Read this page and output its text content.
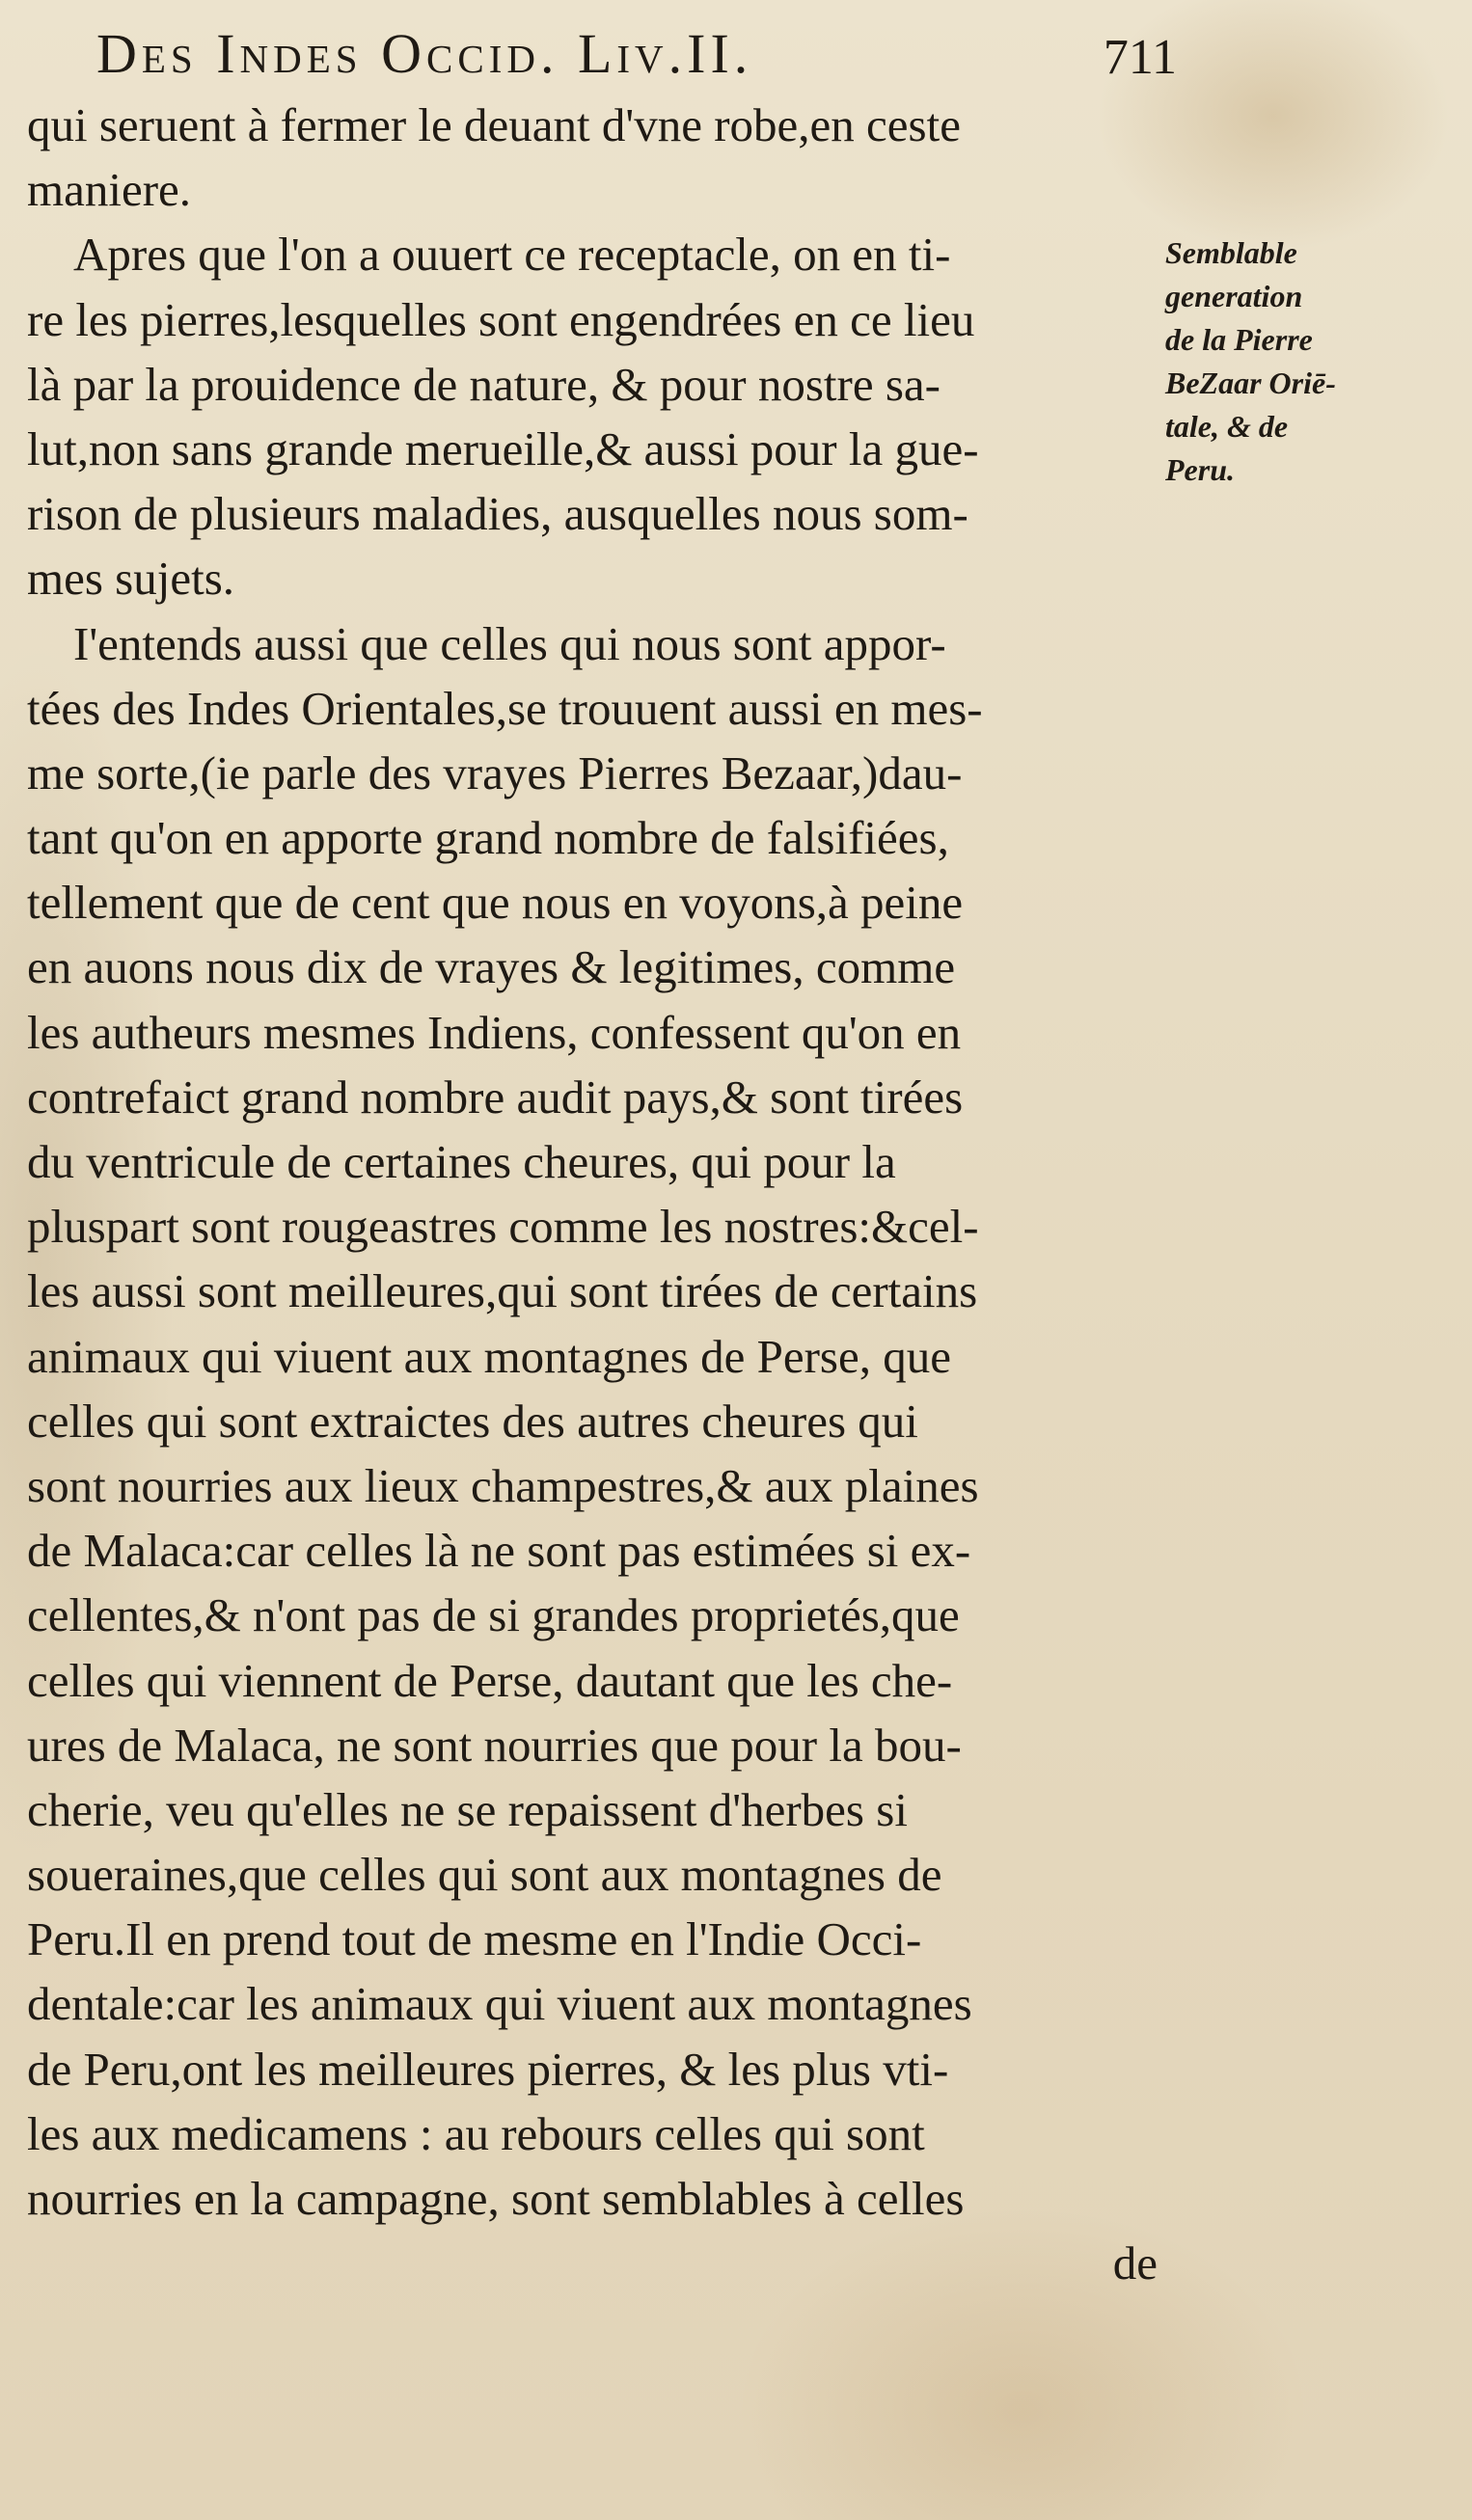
Des Indes Occid. Liv.II.	711
qui seruent à fermer le deuant d'vne robe,en ceste
maniere.
Apres que l'on a ouuert ce receptacle, on en ti-
re les pierres,lesquelles sont engendrées en ce lieu
là par la prouidence de nature, & pour nostre sa-
lut,non sans grande merueille,& aussi pour la gue-
rison de plusieurs maladies, ausquelles nous som-
mes sujets.
I'entends aussi que celles qui nous sont appor-
tées des Indes Orientales,se trouuent aussi en mes-
me sorte,(ie parle des vrayes Pierres Bezaar,)dau-
tant qu'on en apporte grand nombre de falsifiées,
tellement que de cent que nous en voyons,à peine
en auons nous dix de vrayes & legitimes, comme
les autheurs mesmes Indiens, confessent qu'on en
contrefaict grand nombre audit pays,& sont tirées
du ventricule de certaines cheures, qui pour la
pluspart sont rougeastres comme les nostres:&cel-
les aussi sont meilleures,qui sont tirées de certains
animaux qui viuent aux montagnes de Perse, que
celles qui sont extraictes des autres cheures qui
sont nourries aux lieux champestres,& aux plaines
de Malaca:car celles là ne sont pas estimées si ex-
cellentes,& n'ont pas de si grandes proprietés,que
celles qui viennent de Perse, dautant que les che-
ures de Malaca, ne sont nourries que pour la bou-
cherie, veu qu'elles ne se repaissent d'herbes si
soueraines,que celles qui sont aux montagnes de
Peru.Il en prend tout de mesme en l'Indie Occi-
dentale:car les animaux qui viuent aux montagnes
de Peru,ont les meilleures pierres, & les plus vti-
les aux medicamens : au rebours celles qui sont
nourries en la campagne, sont semblables à celles
de
Semblable
generation
de la Pierre
BeZaar Oriē-
tale, & de
Peru.
